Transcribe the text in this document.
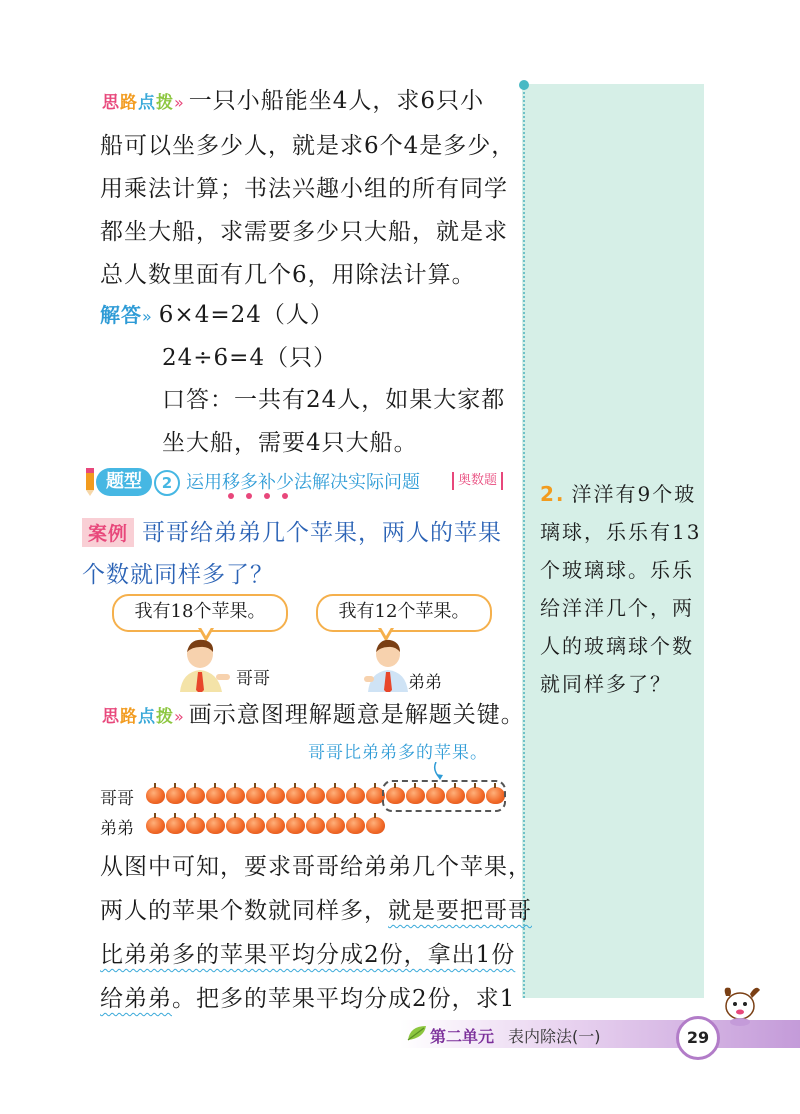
思路点拨» 一只小船能坐4人，求6只小
船可以坐多少人，就是求6个4是多少，
用乘法计算；书法兴趣小组的所有同学
都坐大船，求需要多少只大船，就是求
总人数里面有几个6，用除法计算。
解答» 6×4=24（人）
24÷6=4（只）
口答：一共有24人，如果大家都
坐大船，需要4只大船。
题型	2 运用移多补少法解决实际问题	奥数题
案例 哥哥给弟弟几个苹果，两人的苹果
个数就同样多了？
我有18个苹果。	我有12个苹果。
哥哥	弟弟
思路点拨» 画示意图理解题意是解题关键。
哥哥比弟弟多的苹果。
哥哥
弟弟
从图中可知，要求哥哥给弟弟几个苹果，
两人的苹果个数就同样多，就是要把哥哥
比弟弟多的苹果平均分成2份，拿出1份
给弟弟。把多的苹果平均分成2份，求1
2. 洋洋有9个玻
璃球，乐乐有13
个玻璃球。乐乐
给洋洋几个，两
人的玻璃球个数
就同样多了？
第二单元 表内除法(一)	29
